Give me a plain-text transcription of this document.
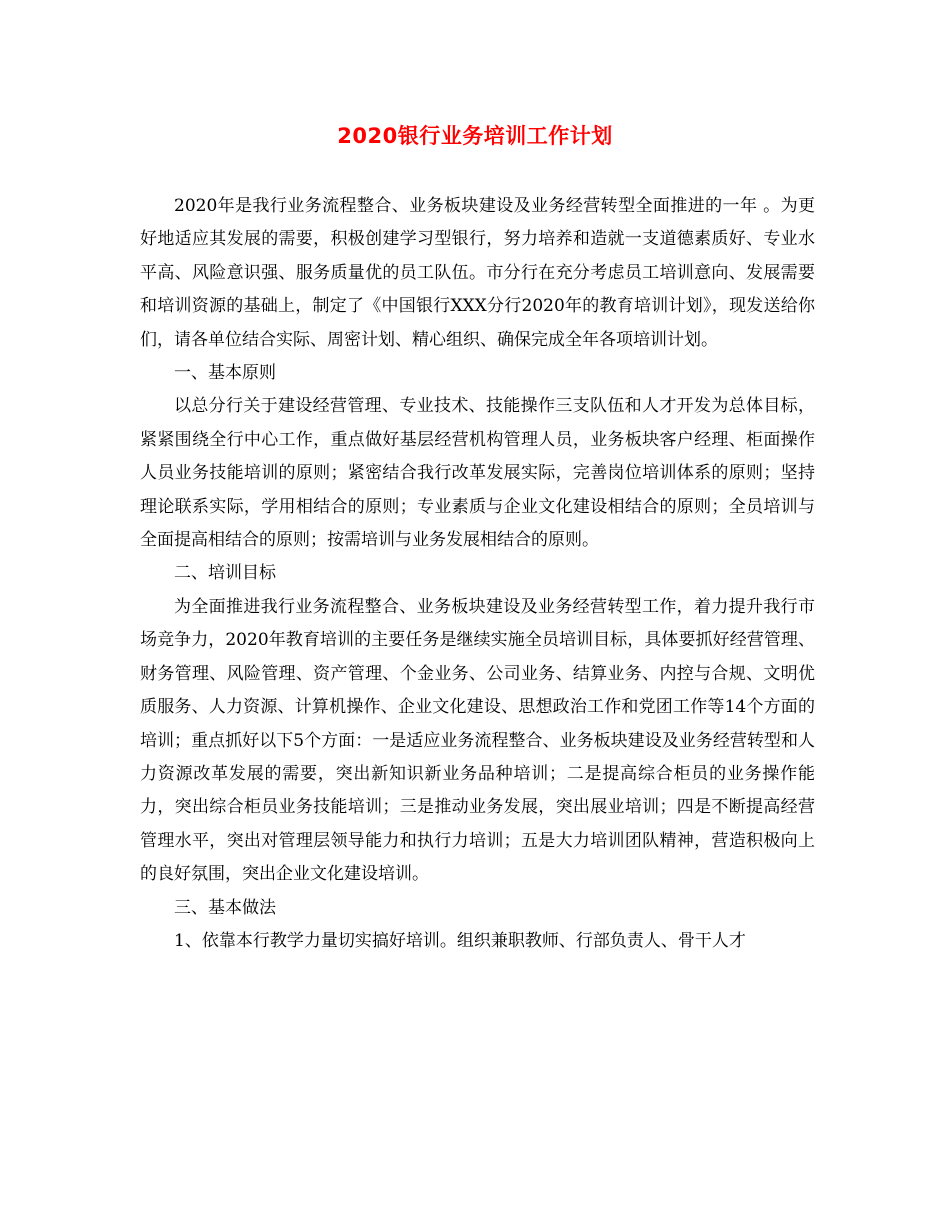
2020银行业务培训工作计划

2020年是我行业务流程整合、业务板块建设及业务经营转型全面推进的一年 。为更好地适应其发展的需要，积极创建学习型银行，努力培养和造就一支道德素质好、专业水平高、风险意识强、服务质量优的员工队伍。市分行在充分考虑员工培训意向、发展需要和培训资源的基础上，制定了《中国银行XXX分行2020年的教育培训计划》，现发送给你们，请各单位结合实际、周密计划、精心组织、确保完成全年各项培训计划。

一、基本原则

以总分行关于建设经营管理、专业技术、技能操作三支队伍和人才开发为总体目标，紧紧围绕全行中心工作，重点做好基层经营机构管理人员，业务板块客户经理、柜面操作人员业务技能培训的原则；紧密结合我行改革发展实际，完善岗位培训体系的原则；坚持理论联系实际，学用相结合的原则；专业素质与企业文化建设相结合的原则；全员培训与全面提高相结合的原则；按需培训与业务发展相结合的原则。

二、培训目标

为全面推进我行业务流程整合、业务板块建设及业务经营转型工作，着力提升我行市场竞争力，2020年教育培训的主要任务是继续实施全员培训目标，具体要抓好经营管理、财务管理、风险管理、资产管理、个金业务、公司业务、结算业务、内控与合规、文明优质服务、人力资源、计算机操作、企业文化建设、思想政治工作和党团工作等14个方面的培训；重点抓好以下5个方面：一是适应业务流程整合、业务板块建设及业务经营转型和人力资源改革发展的需要，突出新知识新业务品种培训；二是提高综合柜员的业务操作能力，突出综合柜员业务技能培训；三是推动业务发展，突出展业培训；四是不断提高经营管理水平，突出对管理层领导能力和执行力培训；五是大力培训团队精神，营造积极向上的良好氛围，突出企业文化建设培训。

三、基本做法

1、依靠本行教学力量切实搞好培训。组织兼职教师、行部负责人、骨干人才
